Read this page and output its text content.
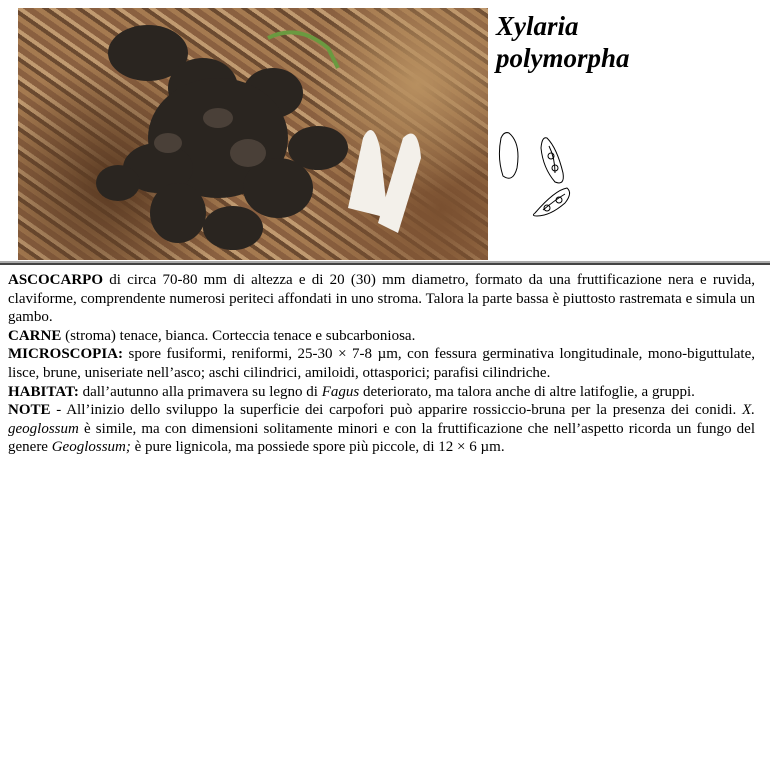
Xylaria
polymorpha

ASCOCARPO di circa 70-80 mm di altezza e di 20 (30) mm diametro, formato da una fruttificazione nera e ruvida, claviforme, comprendente numerosi periteci affondati in uno stroma. Talora la parte bassa è piuttosto rastremata e simula un gambo.

CARNE (stroma) tenace, bianca. Corteccia tenace e subcarboniosa.

MICROSCOPIA: spore fusiformi, reniformi, 25-30 × 7-8 µm, con fessura germinativa longitudinale, mono-biguttulate, lisce, brune, uniseriate nell’asco; aschi cilindrici, amiloidi, ottasporici; parafisi cilindriche.

HABITAT: dall’autunno alla primavera su legno di Fagus deteriorato, ma talora anche di altre latifoglie, a gruppi.

NOTE - All’inizio dello sviluppo la superficie dei carpofori può apparire rossiccio-bruna per la presenza dei conidi. X. geoglossum è simile, ma con dimensioni solitamente minori e con la fruttificazione che nell’aspetto ricorda un fungo del genere Geoglossum; è pure lignicola, ma possiede spore più piccole, di 12 × 6 µm.
